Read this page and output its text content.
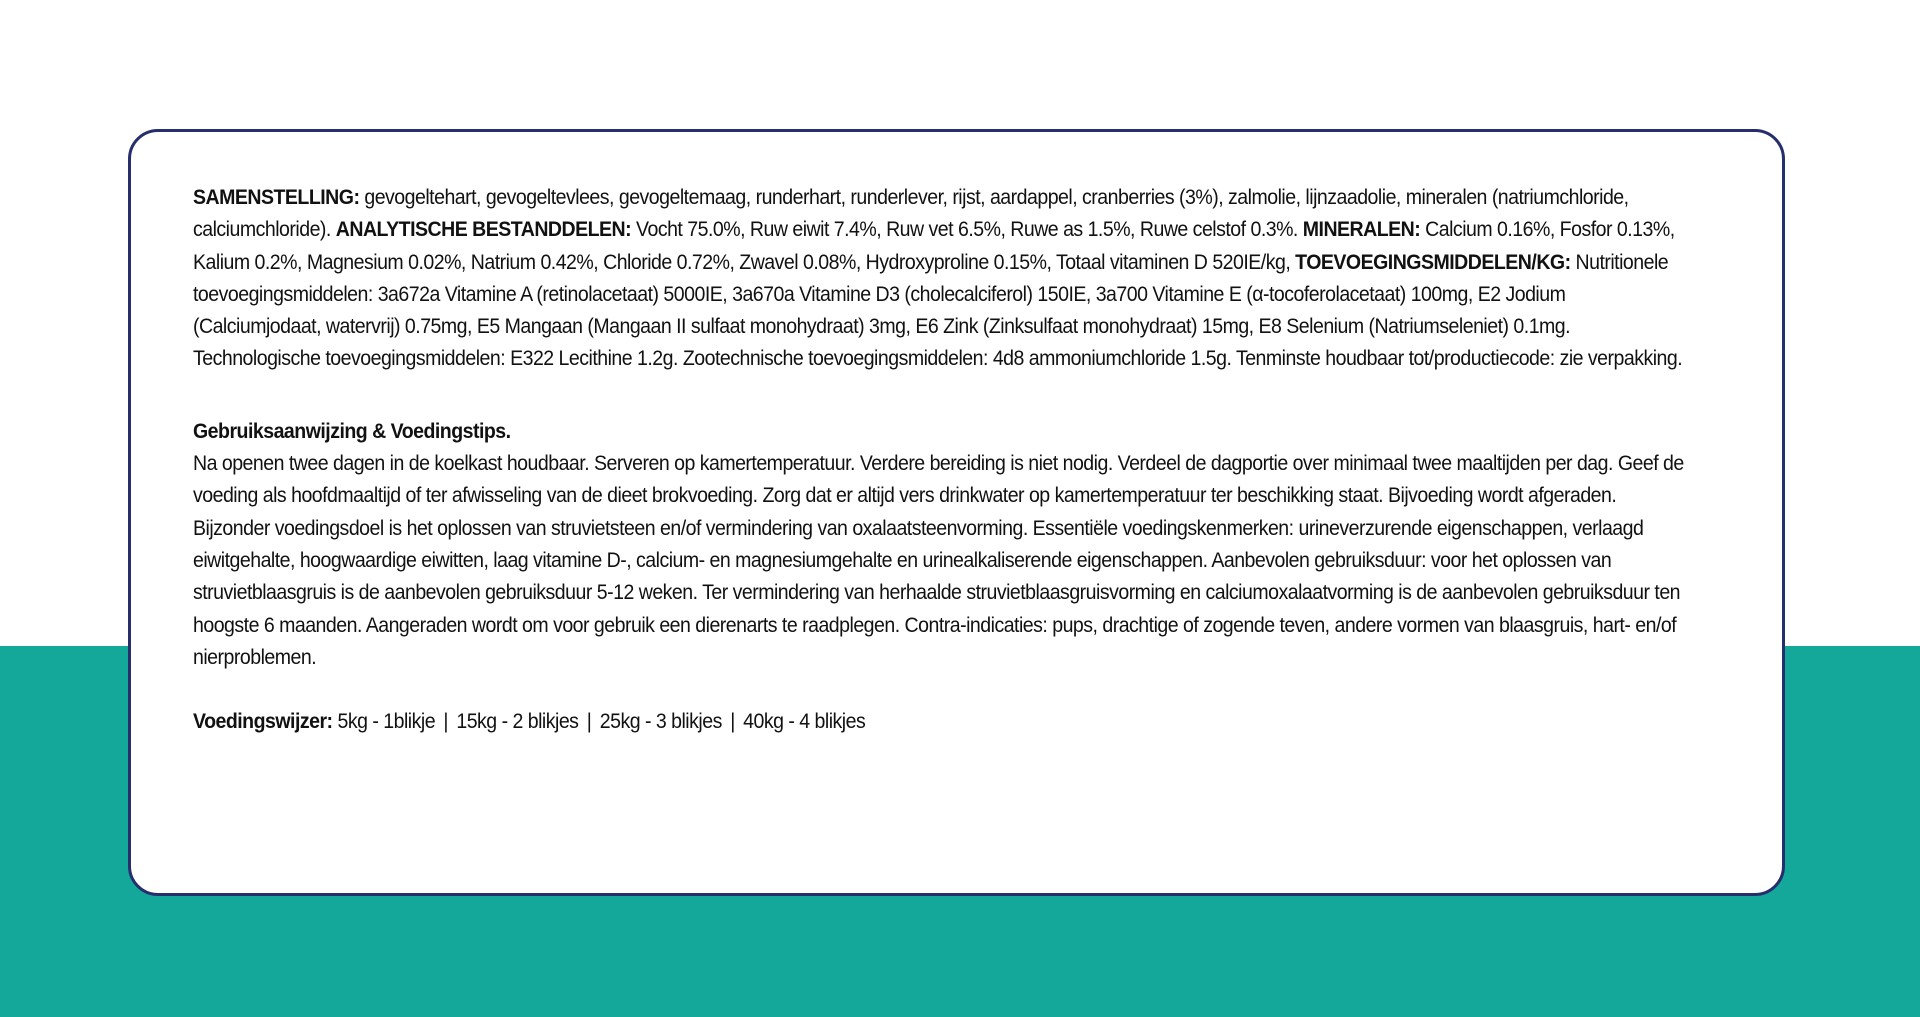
SAMENSTELLING: gevogeltehart, gevogeltevlees, gevogeltemaag, runderhart, runderlever, rijst, aardappel, cranberries (3%), zalmolie, lijnzaadolie, mineralen (natriumchloride, calciumchloride). ANALYTISCHE BESTANDDELEN: Vocht 75.0%, Ruw eiwit 7.4%, Ruw vet 6.5%, Ruwe as 1.5%, Ruwe celstof 0.3%. MINERALEN: Calcium 0.16%, Fosfor 0.13%, Kalium 0.2%, Magnesium 0.02%, Natrium 0.42%, Chloride 0.72%, Zwavel 0.08%, Hydroxyproline 0.15%, Totaal vitaminen D 520IE/kg, TOEVOEGINGSMIDDELEN/KG: Nutritionele toevoegingsmiddelen: 3a672a Vitamine A (retinolacetaat) 5000IE, 3a670a Vitamine D3 (cholecalciferol) 150IE, 3a700 Vitamine E (α-tocoferolacetaat) 100mg, E2 Jodium (Calciumjodaat, watervrij) 0.75mg, E5 Mangaan (Mangaan II sulfaat monohydraat) 3mg, E6 Zink (Zinksulfaat monohydraat) 15mg, E8 Selenium (Natriumseleniet) 0.1mg. Technologische toevoegingsmiddelen: E322 Lecithine 1.2g. Zootechnische toevoegingsmiddelen: 4d8 ammoniumchloride 1.5g. Tenminste houdbaar tot/productiecode: zie verpakking.

Gebruiksaanwijzing & Voedingstips.

Na openen twee dagen in de koelkast houdbaar. Serveren op kamertemperatuur. Verdere bereiding is niet nodig. Verdeel de dagportie over minimaal twee maaltijden per dag. Geef de voeding als hoofdmaaltijd of ter afwisseling van de dieet brokvoeding. Zorg dat er altijd vers drinkwater op kamertemperatuur ter beschikking staat. Bijvoeding wordt afgeraden. Bijzonder voedingsdoel is het oplossen van struvietsteen en/of vermindering van oxalaatsteenvorming. Essentiële voedingskenmerken: urineverzurende eigenschappen, verlaagd eiwitgehalte, hoogwaardige eiwitten, laag vitamine D-, calcium- en magnesiumgehalte en urinealkaliserende eigenschappen. Aanbevolen gebruiksduur: voor het oplossen van struvietblaasgruis is de aanbevolen gebruiksduur 5-12 weken. Ter vermindering van herhaalde struvietblaasgruisvorming en calciumoxalaatvorming is de aanbevolen gebruiksduur ten hoogste 6 maanden. Aangeraden wordt om voor gebruik een dierenarts te raadplegen. Contra-indicaties: pups, drachtige of zogende teven, andere vormen van blaasgruis, hart- en/of nierproblemen.

Voedingswijzer: 5kg - 1blikje | 15kg - 2 blikjes | 25kg - 3 blikjes | 40kg - 4 blikjes
